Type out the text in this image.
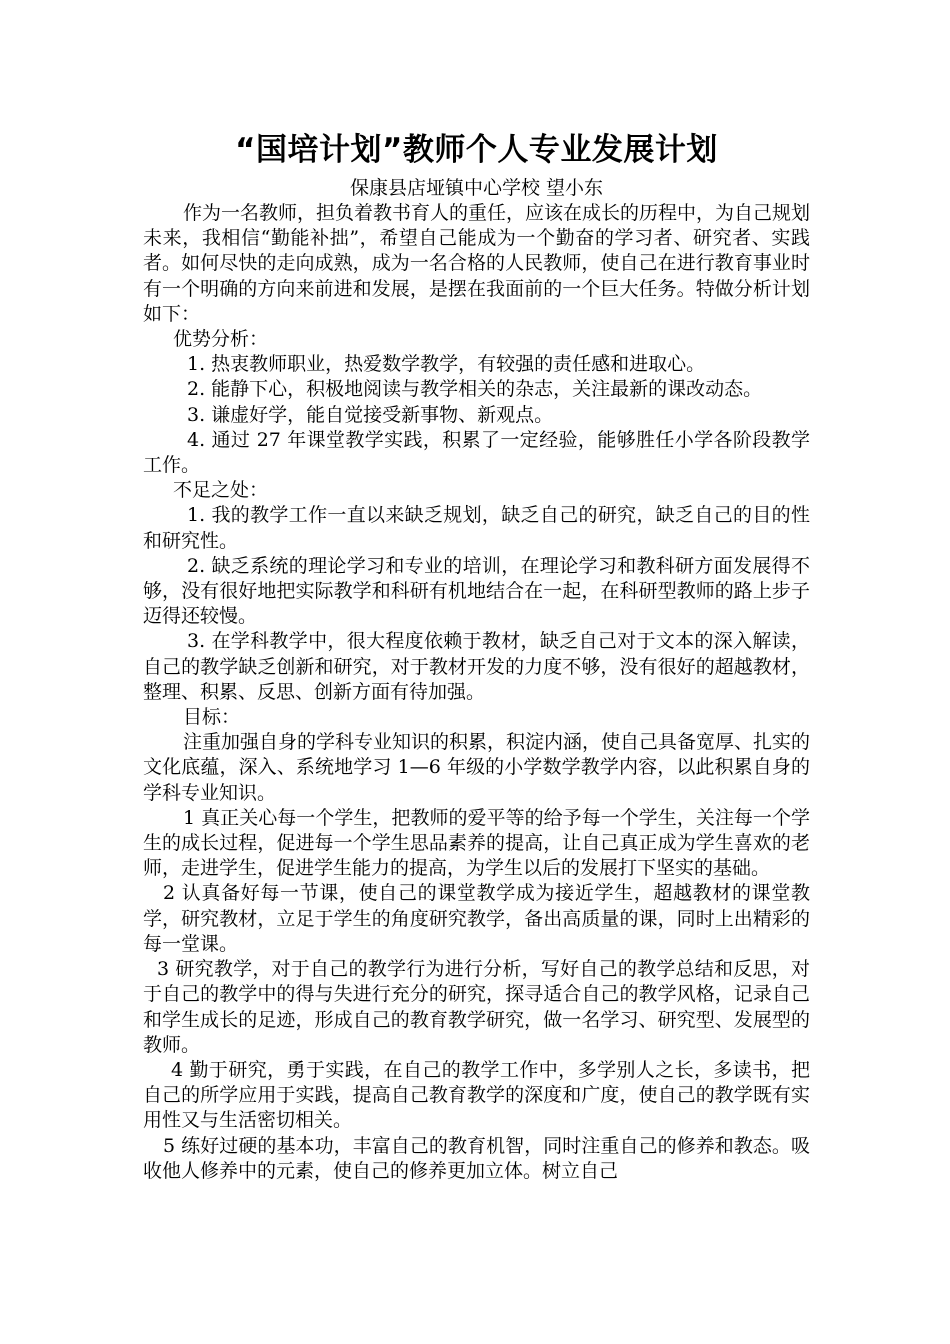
“国培计划”教师个人专业发展计划

保康县店垭镇中心学校 望小东

作为一名教师，担负着教书育人的重任，应该在成长的历程中，为自己规划未来，我相信“勤能补拙”，希望自己能成为一个勤奋的学习者、研究者、实践者。如何尽快的走向成熟，成为一名合格的人民教师，使自己在进行教育事业时有一个明确的方向来前进和发展，是摆在我面前的一个巨大任务。特做分析计划如下：

优势分析：

1. 热衷教师职业，热爱数学教学，有较强的责任感和进取心。

2. 能静下心，积极地阅读与教学相关的杂志，关注最新的课改动态。

3. 谦虚好学，能自觉接受新事物、新观点。

4. 通过 27 年课堂教学实践，积累了一定经验，能够胜任小学各阶段教学工作。

不足之处：

1. 我的教学工作一直以来缺乏规划，缺乏自己的研究，缺乏自己的目的性和研究性。

2. 缺乏系统的理论学习和专业的培训，在理论学习和教科研方面发展得不够，没有很好地把实际教学和科研有机地结合在一起，在科研型教师的路上步子迈得还较慢。

3. 在学科教学中，很大程度依赖于教材，缺乏自己对于文本的深入解读，自己的教学缺乏创新和研究，对于教材开发的力度不够，没有很好的超越教材，整理、积累、反思、创新方面有待加强。

目标：

注重加强自身的学科专业知识的积累，积淀内涵，使自己具备宽厚、扎实的文化底蕴，深入、系统地学习 1—6 年级的小学数学教学内容，以此积累自身的学科专业知识。

1 真正关心每一个学生，把教师的爱平等的给予每一个学生，关注每一个学生的成长过程，促进每一个学生思品素养的提高，让自己真正成为学生喜欢的老师，走进学生，促进学生能力的提高，为学生以后的发展打下坚实的基础。

2 认真备好每一节课，使自己的课堂教学成为接近学生，超越教材的课堂教学，研究教材，立足于学生的角度研究教学，备出高质量的课，同时上出精彩的每一堂课。

3 研究教学，对于自己的教学行为进行分析，写好自己的教学总结和反思，对于自己的教学中的得与失进行充分的研究，探寻适合自己的教学风格，记录自己和学生成长的足迹，形成自己的教育教学研究，做一名学习、研究型、发展型的教师。

4 勤于研究，勇于实践，在自己的教学工作中，多学别人之长，多读书，把自己的所学应用于实践，提高自己教育教学的深度和广度，使自己的教学既有实用性又与生活密切相关。

5 练好过硬的基本功，丰富自己的教育机智，同时注重自己的修养和教态。吸收他人修养中的元素，使自己的修养更加立体。树立自己
